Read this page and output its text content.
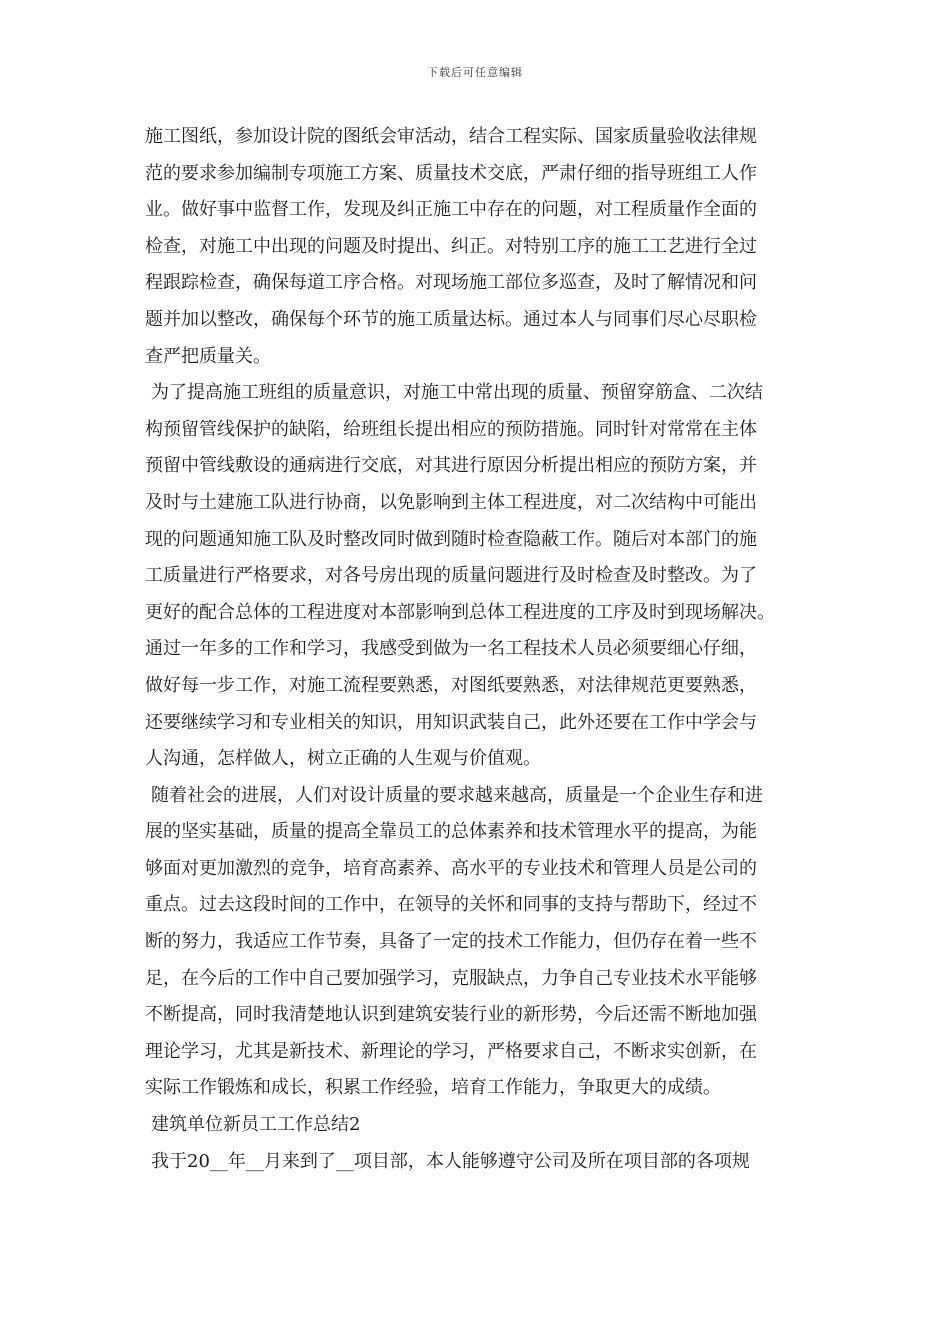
下载后可任意编辑
施工图纸，参加设计院的图纸会审活动，结合工程实际、国家质量验收法律规
范的要求参加编制专项施工方案、质量技术交底，严肃仔细的指导班组工人作
业。做好事中监督工作，发现及纠正施工中存在的问题，对工程质量作全面的
检查，对施工中出现的问题及时提出、纠正。对特别工序的施工工艺进行全过
程跟踪检查，确保每道工序合格。对现场施工部位多巡查，及时了解情况和问
题并加以整改，确保每个环节的施工质量达标。通过本人与同事们尽心尽职检
查严把质量关。
为了提高施工班组的质量意识，对施工中常出现的质量、预留穿筋盒、二次结
构预留管线保护的缺陷，给班组长提出相应的预防措施。同时针对常常在主体
预留中管线敷设的通病进行交底，对其进行原因分析提出相应的预防方案，并
及时与土建施工队进行协商，以免影响到主体工程进度，对二次结构中可能出
现的问题通知施工队及时整改同时做到随时检查隐蔽工作。随后对本部门的施
工质量进行严格要求，对各号房出现的质量问题进行及时检查及时整改。为了
更好的配合总体的工程进度对本部影响到总体工程进度的工序及时到现场解决。
通过一年多的工作和学习，我感受到做为一名工程技术人员必须要细心仔细，
做好每一步工作，对施工流程要熟悉，对图纸要熟悉，对法律规范更要熟悉，
还要继续学习和专业相关的知识，用知识武装自己，此外还要在工作中学会与
人沟通，怎样做人，树立正确的人生观与价值观。
随着社会的进展，人们对设计质量的要求越来越高，质量是一个企业生存和进
展的坚实基础，质量的提高全靠员工的总体素养和技术管理水平的提高，为能
够面对更加激烈的竞争，培育高素养、高水平的专业技术和管理人员是公司的
重点。过去这段时间的工作中，在领导的关怀和同事的支持与帮助下，经过不
断的努力，我适应工作节奏，具备了一定的技术工作能力，但仍存在着一些不
足，在今后的工作中自己要加强学习，克服缺点，力争自己专业技术水平能够
不断提高，同时我清楚地认识到建筑安装行业的新形势，今后还需不断地加强
理论学习，尤其是新技术、新理论的学习，严格要求自己，不断求实创新，在
实际工作锻炼和成长，积累工作经验，培育工作能力，争取更大的成绩。
建筑单位新员工工作总结2
我于20__年__月来到了__项目部，本人能够遵守公司及所在项目部的各项规
